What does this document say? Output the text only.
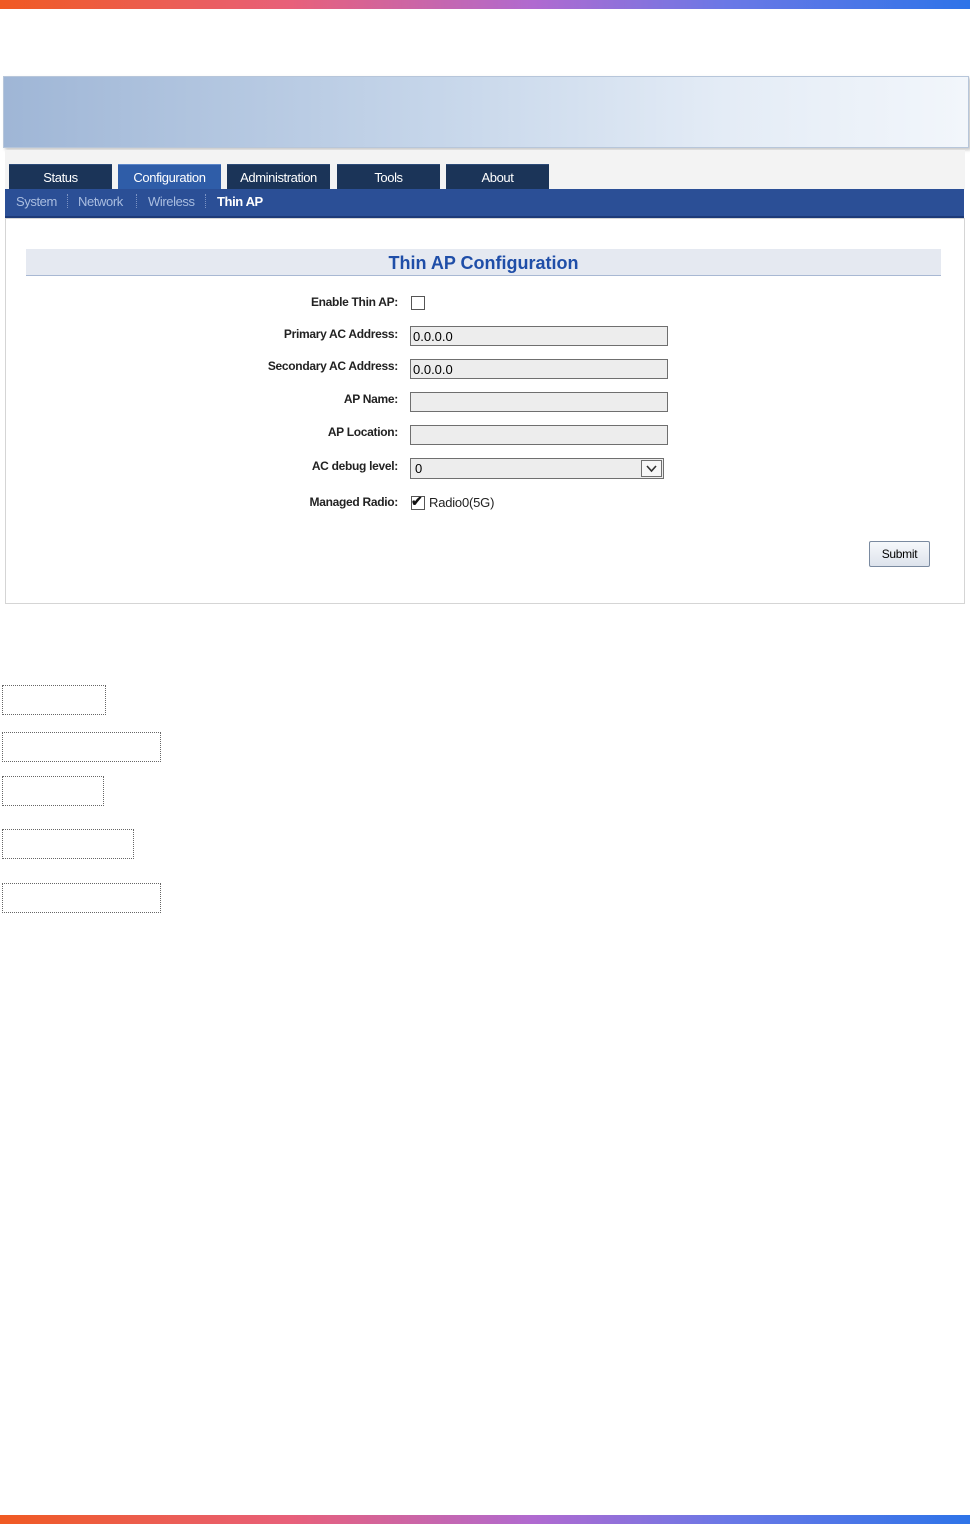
Status	Configuration	Administration	Tools	About
System Network Wireless Thin AP
Thin AP Configuration
Enable Thin AP:
Primary AC Address:
0.0.0.0
Secondary AC Address:
0.0.0.0
AP Name:
AP Location:
AC debug level: 0
Managed Radio: ✔ Radio0(5G)
Submit
